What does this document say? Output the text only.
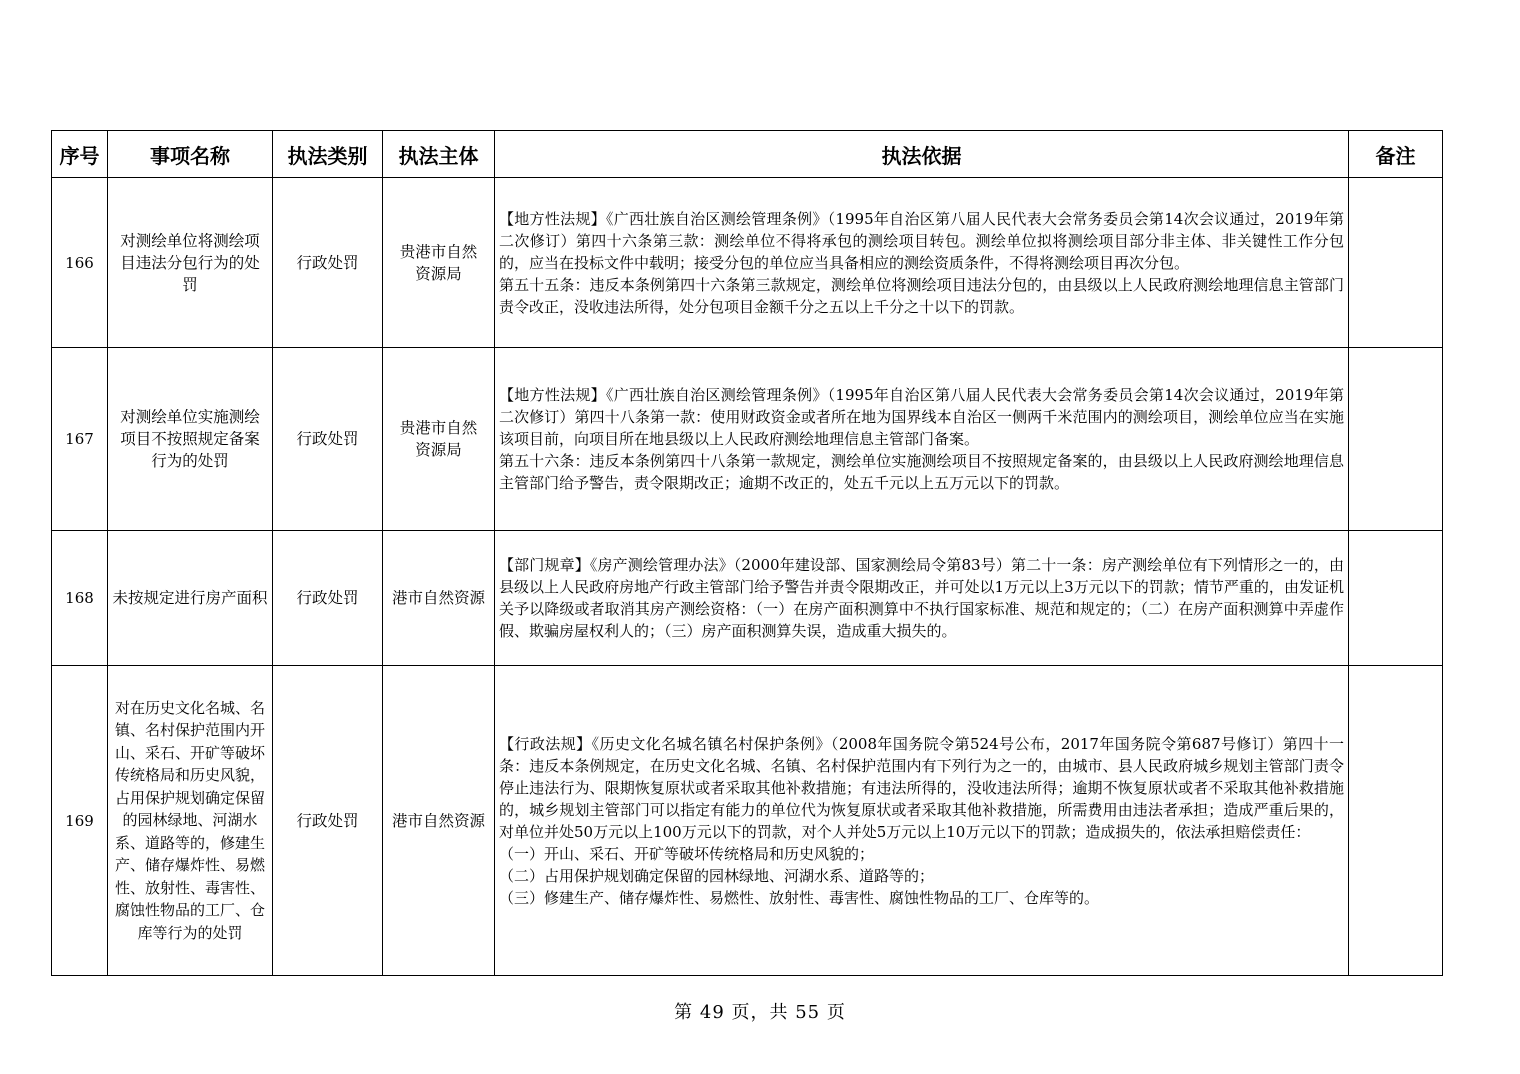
序号	事项名称	执法类别	执法主体	执法依据	备注
166	对测绘单位将测绘项目违法分包行为的处罚	行政处罚	贵港市自然资源局	【地方性法规】《广西壮族自治区测绘管理条例》（1995年自治区第八届人民代表大会常务委员会第14次会议通过，2019年第二次修订）第四十六条第三款：测绘单位不得将承包的测绘项目转包。测绘单位拟将测绘项目部分非主体、非关键性工作分包的，应当在投标文件中载明；接受分包的单位应当具备相应的测绘资质条件，不得将测绘项目再次分包。
第五十五条：违反本条例第四十六条第三款规定，测绘单位将测绘项目违法分包的，由县级以上人民政府测绘地理信息主管部门责令改正，没收违法所得，处分包项目金额千分之五以上千分之十以下的罚款。	

167	对测绘单位实施测绘项目不按照规定备案行为的处罚	行政处罚	贵港市自然资源局	【地方性法规】《广西壮族自治区测绘管理条例》（1995年自治区第八届人民代表大会常务委员会第14次会议通过，2019年第二次修订）第四十八条第一款：使用财政资金或者所在地为国界线本自治区一侧两千米范围内的测绘项目，测绘单位应当在实施该项目前，向项目所在地县级以上人民政府测绘地理信息主管部门备案。
第五十六条：违反本条例第四十八条第一款规定，测绘单位实施测绘项目不按照规定备案的，由县级以上人民政府测绘地理信息主管部门给予警告，责令限期改正；逾期不改正的，处五千元以上五万元以下的罚款。	

168	未按规定进行房产面积	行政处罚	港市自然资源	【部门规章】《房产测绘管理办法》（2000年建设部、国家测绘局令第83号）第二十一条：房产测绘单位有下列情形之一的，由县级以上人民政府房地产行政主管部门给予警告并责令限期改正，并可处以1万元以上3万元以下的罚款；情节严重的，由发证机关予以降级或者取消其房产测绘资格：（一）在房产面积测算中不执行国家标准、规范和规定的；（二）在房产面积测算中弄虚作假、欺骗房屋权利人的；（三）房产面积测算失误，造成重大损失的。	

169	对在历史文化名城、名镇、名村保护范围内开山、采石、开矿等破坏传统格局和历史风貌，占用保护规划确定保留的园林绿地、河湖水系、道路等的，修建生产、储存爆炸性、易燃性、放射性、毒害性、腐蚀性物品的工厂、仓库等行为的处罚	行政处罚	港市自然资源	【行政法规】《历史文化名城名镇名村保护条例》（2008年国务院令第524号公布，2017年国务院令第687号修订）第四十一条：违反本条例规定，在历史文化名城、名镇、名村保护范围内有下列行为之一的，由城市、县人民政府城乡规划主管部门责令停止违法行为、限期恢复原状或者采取其他补救措施；有违法所得的，没收违法所得；逾期不恢复原状或者不采取其他补救措施的，城乡规划主管部门可以指定有能力的单位代为恢复原状或者采取其他补救措施，所需费用由违法者承担；造成严重后果的，对单位并处50万元以上100万元以下的罚款，对个人并处5万元以上10万元以下的罚款；造成损失的，依法承担赔偿责任：
（一）开山、采石、开矿等破坏传统格局和历史风貌的；
（二）占用保护规划确定保留的园林绿地、河湖水系、道路等的；
（三）修建生产、储存爆炸性、易燃性、放射性、毒害性、腐蚀性物品的工厂、仓库等的。	

第 49 页，共 55 页
